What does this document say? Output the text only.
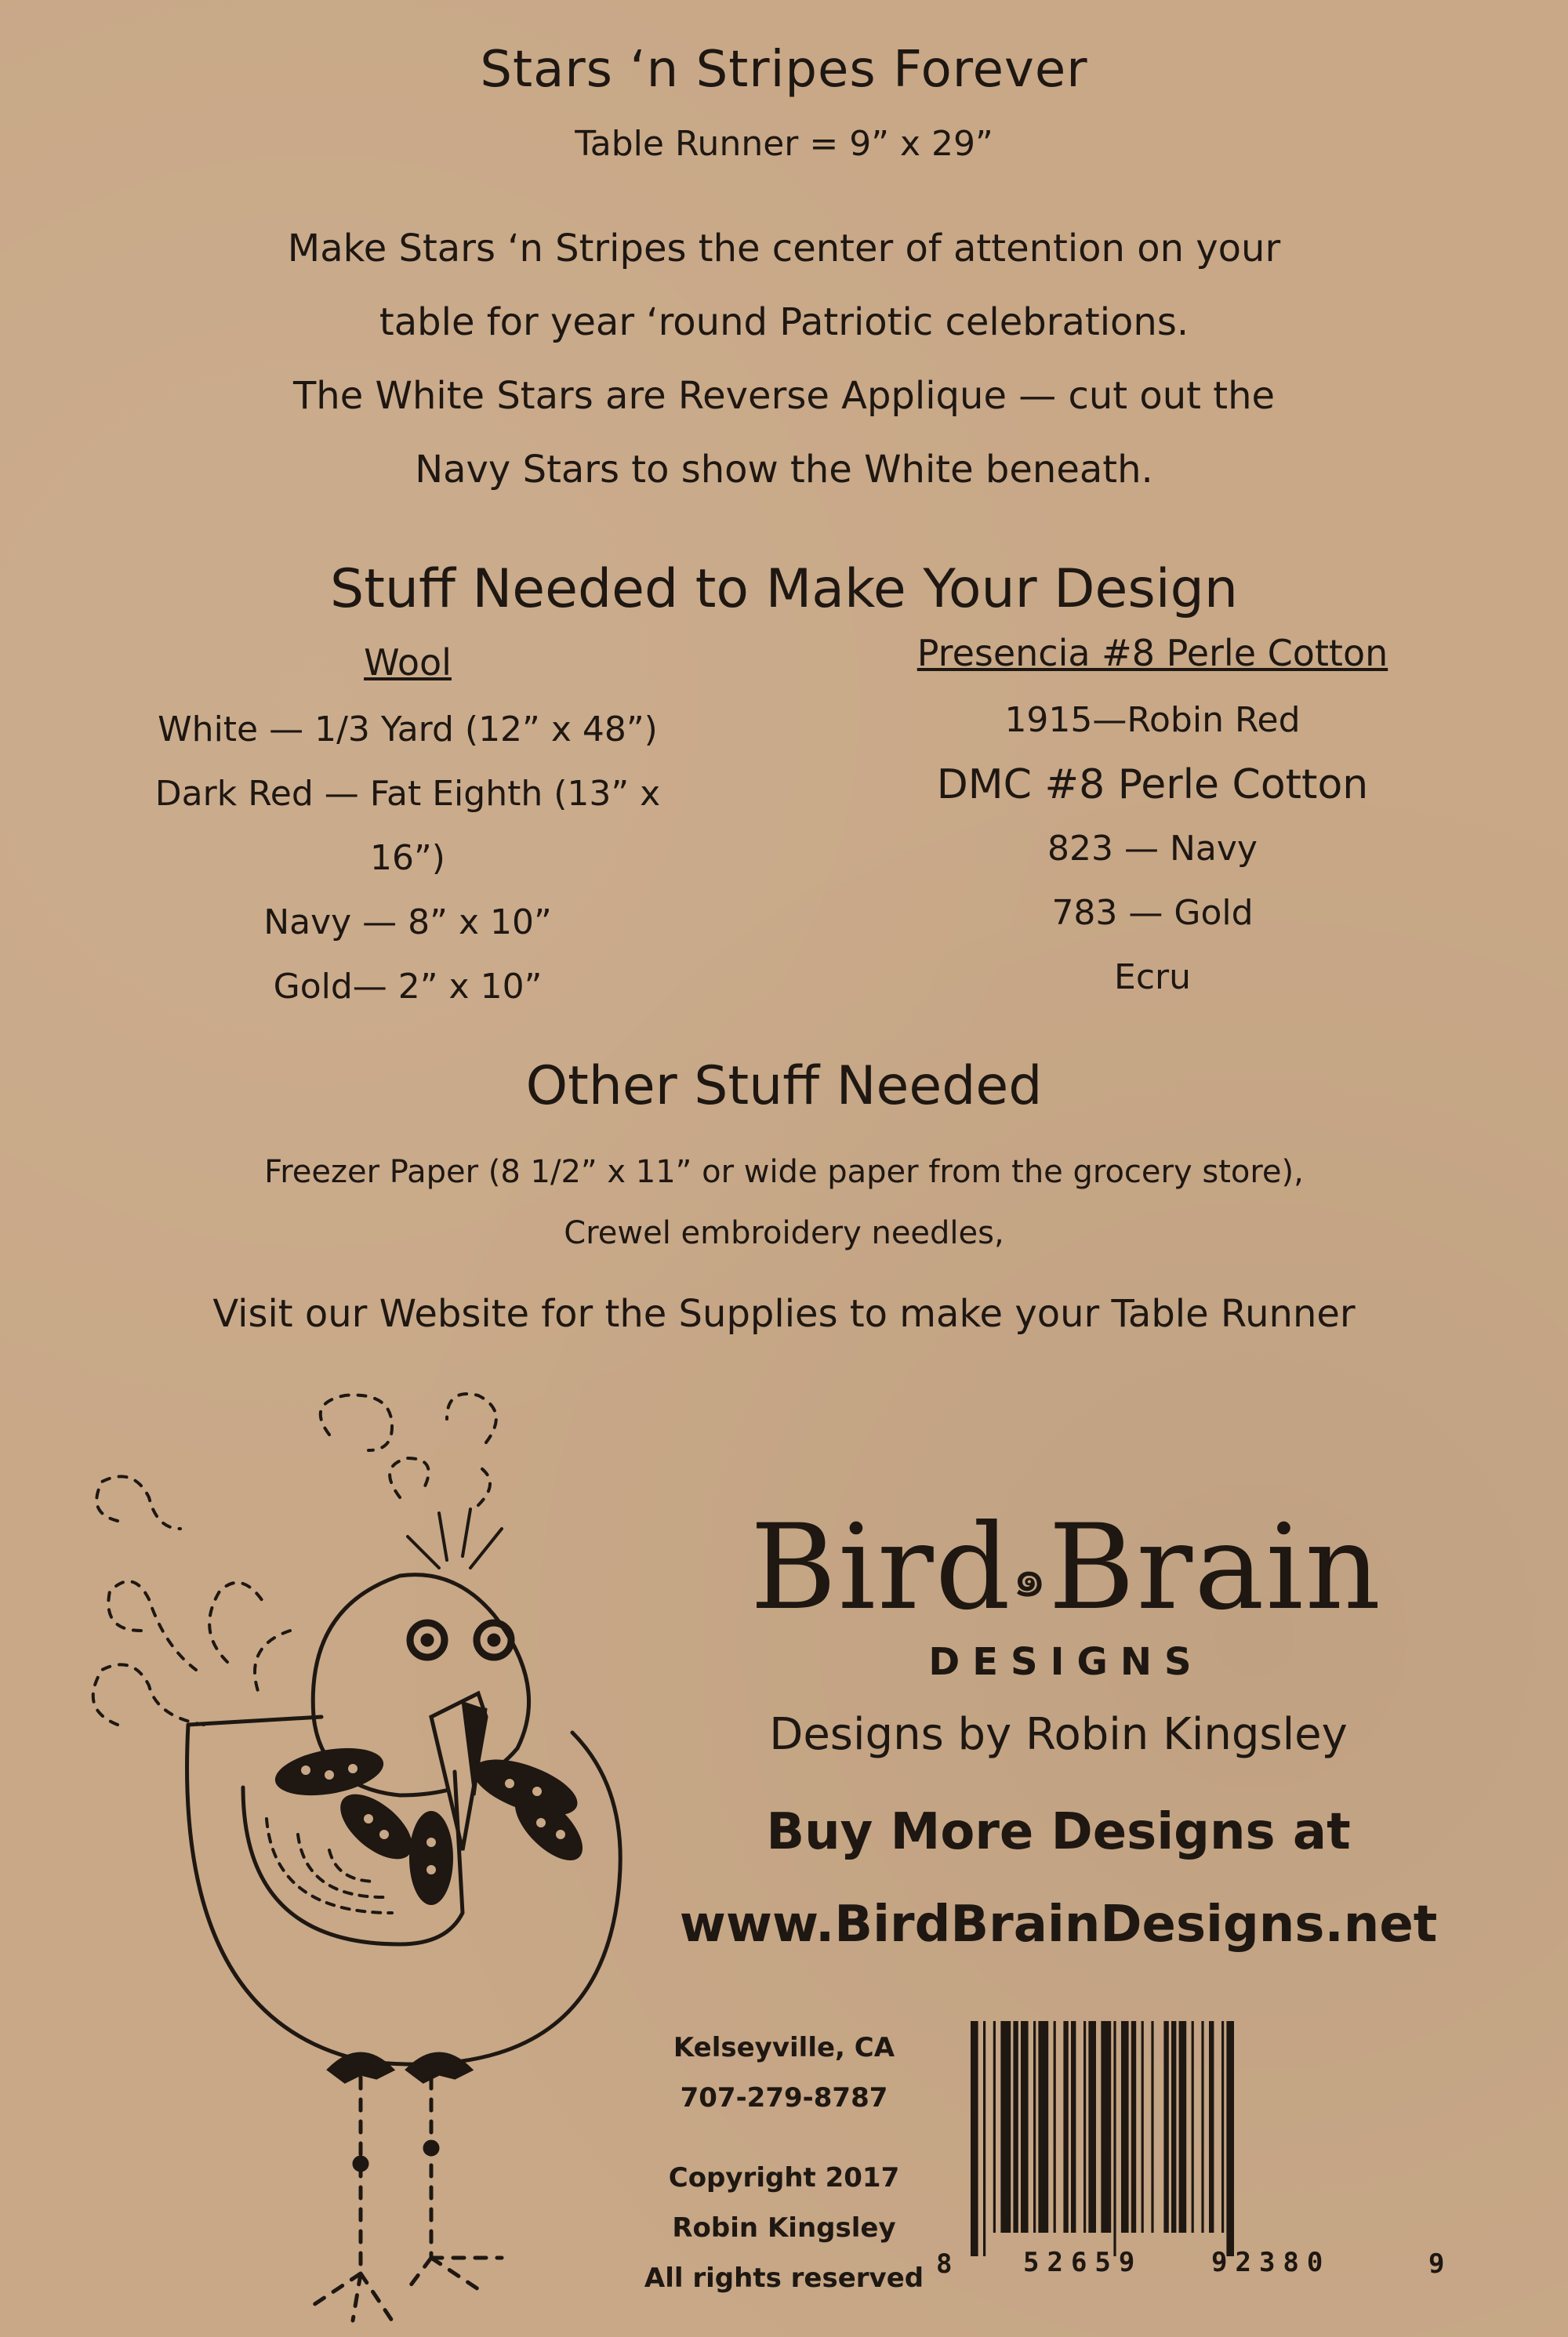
Stars ‘n Stripes Forever
Table Runner = 9” x 29”

Make Stars ‘n Stripes the center of attention on your

table for year ‘round Patriotic celebrations.

The White Stars are Reverse Applique — cut out the

Navy Stars to show the White beneath.

Stuff Needed to Make Your Design

Wool

White — 1/3 Yard (12” x 48”)

Dark Red — Fat Eighth (13” x 16”)

Navy — 8” x 10”

Gold— 2” x 10”

Presencia #8 Perle Cotton

1915—Robin Red

DMC #8 Perle Cotton

823 — Navy

783 — Gold

Ecru

Other Stuff Needed
Freezer Paper (8 1/2” x 11” or wide paper from the grocery store),
Crewel embroidery needles,
Visit our Website for the Supplies to make your Table Runner

Bird๑Brain

DESIGNS

Designs by Robin Kingsley
Buy More Designs at
www.BirdBrainDesigns.net

Kelseyville, CA

707-279-8787

Copyright 2017

Robin Kingsley

All rights reserved 8	52659	92380	9
